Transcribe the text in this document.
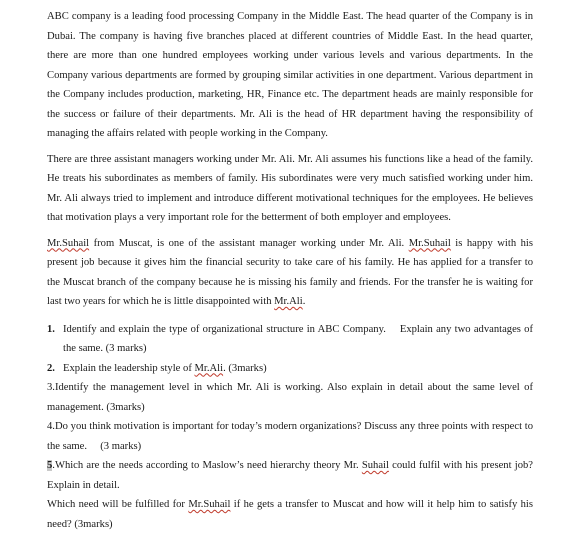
ABC company is a leading food processing Company in the Middle East. The head quarter of the Company is in Dubai. The company is having five branches placed at different countries of Middle East. In the head quarter, there are more than one hundred employees working under various levels and various departments. In the Company various departments are formed by grouping similar activities in one department. Various department in the Company includes production, marketing, HR, Finance etc. The department heads are mainly responsible for the success or failure of their departments. Mr. Ali is the head of HR department having the responsibility of managing the affairs related with people working in the Company.

There are three assistant managers working under Mr. Ali. Mr. Ali assumes his functions like a head of the family. He treats his subordinates as members of family. His subordinates were very much satisfied working under him. Mr. Ali always tried to implement and introduce different motivational techniques for the employees. He believes that motivation plays a very important role for the betterment of both employer and employees.

Mr.Suhail from Muscat, is one of the assistant manager working under Mr. Ali. Mr.Suhail is happy with his present job because it gives him the financial security to take care of his family. He has applied for a transfer to the Muscat branch of the company because he is missing his family and friends. For the transfer he is waiting for last two years for which he is little disappointed with Mr.Ali.

1. Identify and explain the type of organizational structure in ABC Company. Explain any two advantages of the same. (3 marks)
2. Explain the leadership style of Mr.Ali. (3marks)

3.Identify the management level in which Mr. Ali is working. Also explain in detail about the same level of management. (3marks)

4.Do you think motivation is important for today’s modern organizations? Discuss any three points with respect to the same.     (3 marks)

5.Which are the needs according to Maslow’s need hierarchy theory Mr. Suhail could fulfil with his present job? Explain in detail.

Which need will be fulfilled for Mr.Suhail if he gets a transfer to Muscat and how will it help him to satisfy his need? (3marks)
